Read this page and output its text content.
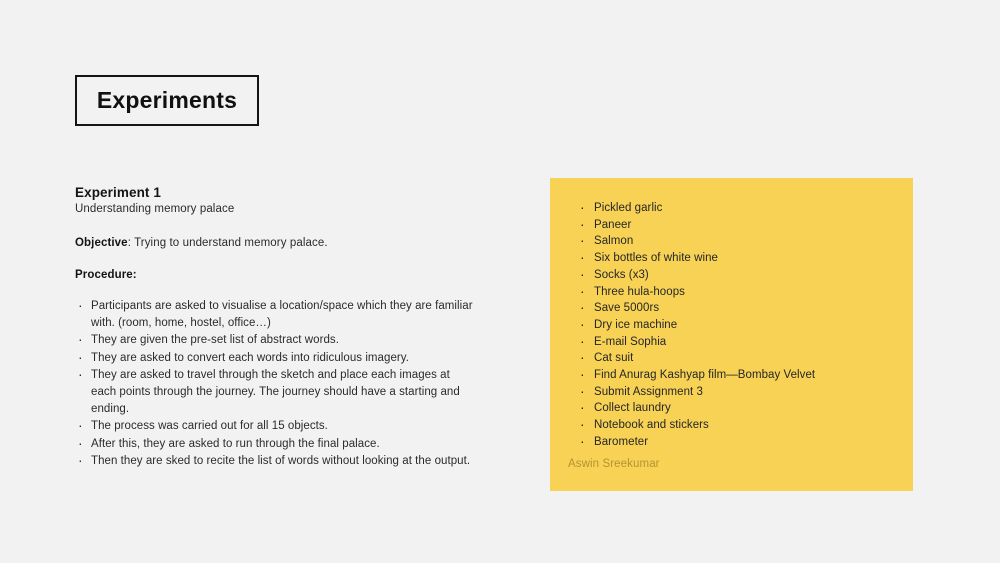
Experiments

Experiment 1

Understanding memory palace

Objective: Trying to understand memory palace.

Procedure:

· Participants are asked to visualise a location/space which they are familiar with. (room, home, hostel, office…)
· They are given the pre-set list of abstract words.
· They are asked to convert each words into ridiculous imagery.
· They are asked to travel through the sketch and place each images at each points through the journey. The journey should have a starting and ending.
· The process was carried out for all 15 objects.
· After this, they are asked to run through the final palace.
· Then they are sked to recite the list of words without looking at the output.
· Pickled garlic
· Paneer
· Salmon
· Six bottles of white wine
· Socks (x3)
· Three hula-hoops
· Save 5000rs
· Dry ice machine
· E-mail Sophia
· Cat suit
· Find Anurag Kashyap film—Bombay Velvet
· Submit Assignment 3
· Collect laundry
· Notebook and stickers
· Barometer
Aswin Sreekumar
